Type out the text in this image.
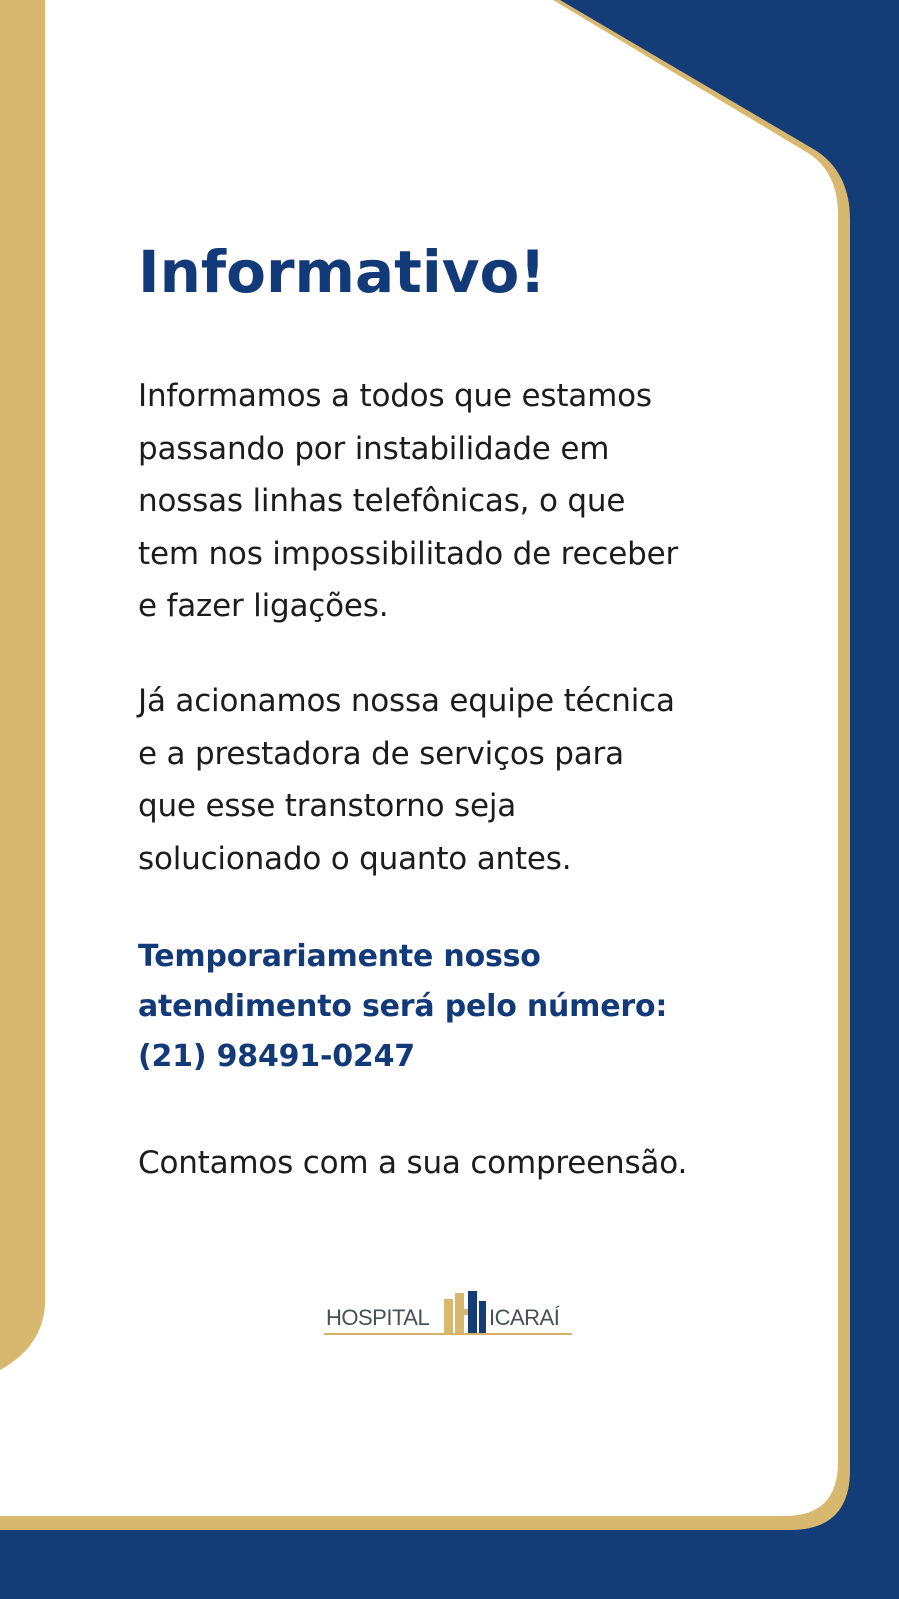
Informativo!

Informamos a todos que estamos
passando por instabilidade em
nossas linhas telefônicas, o que
tem nos impossibilitado de receber
e fazer ligações.

Já acionamos nossa equipe técnica
e a prestadora de serviços para
que esse transtorno seja
solucionado o quanto antes.

Temporariamente nosso
atendimento será pelo número:
(21) 98491-0247

Contamos com a sua compreensão.

HOSPITAL	ICARAÍ
